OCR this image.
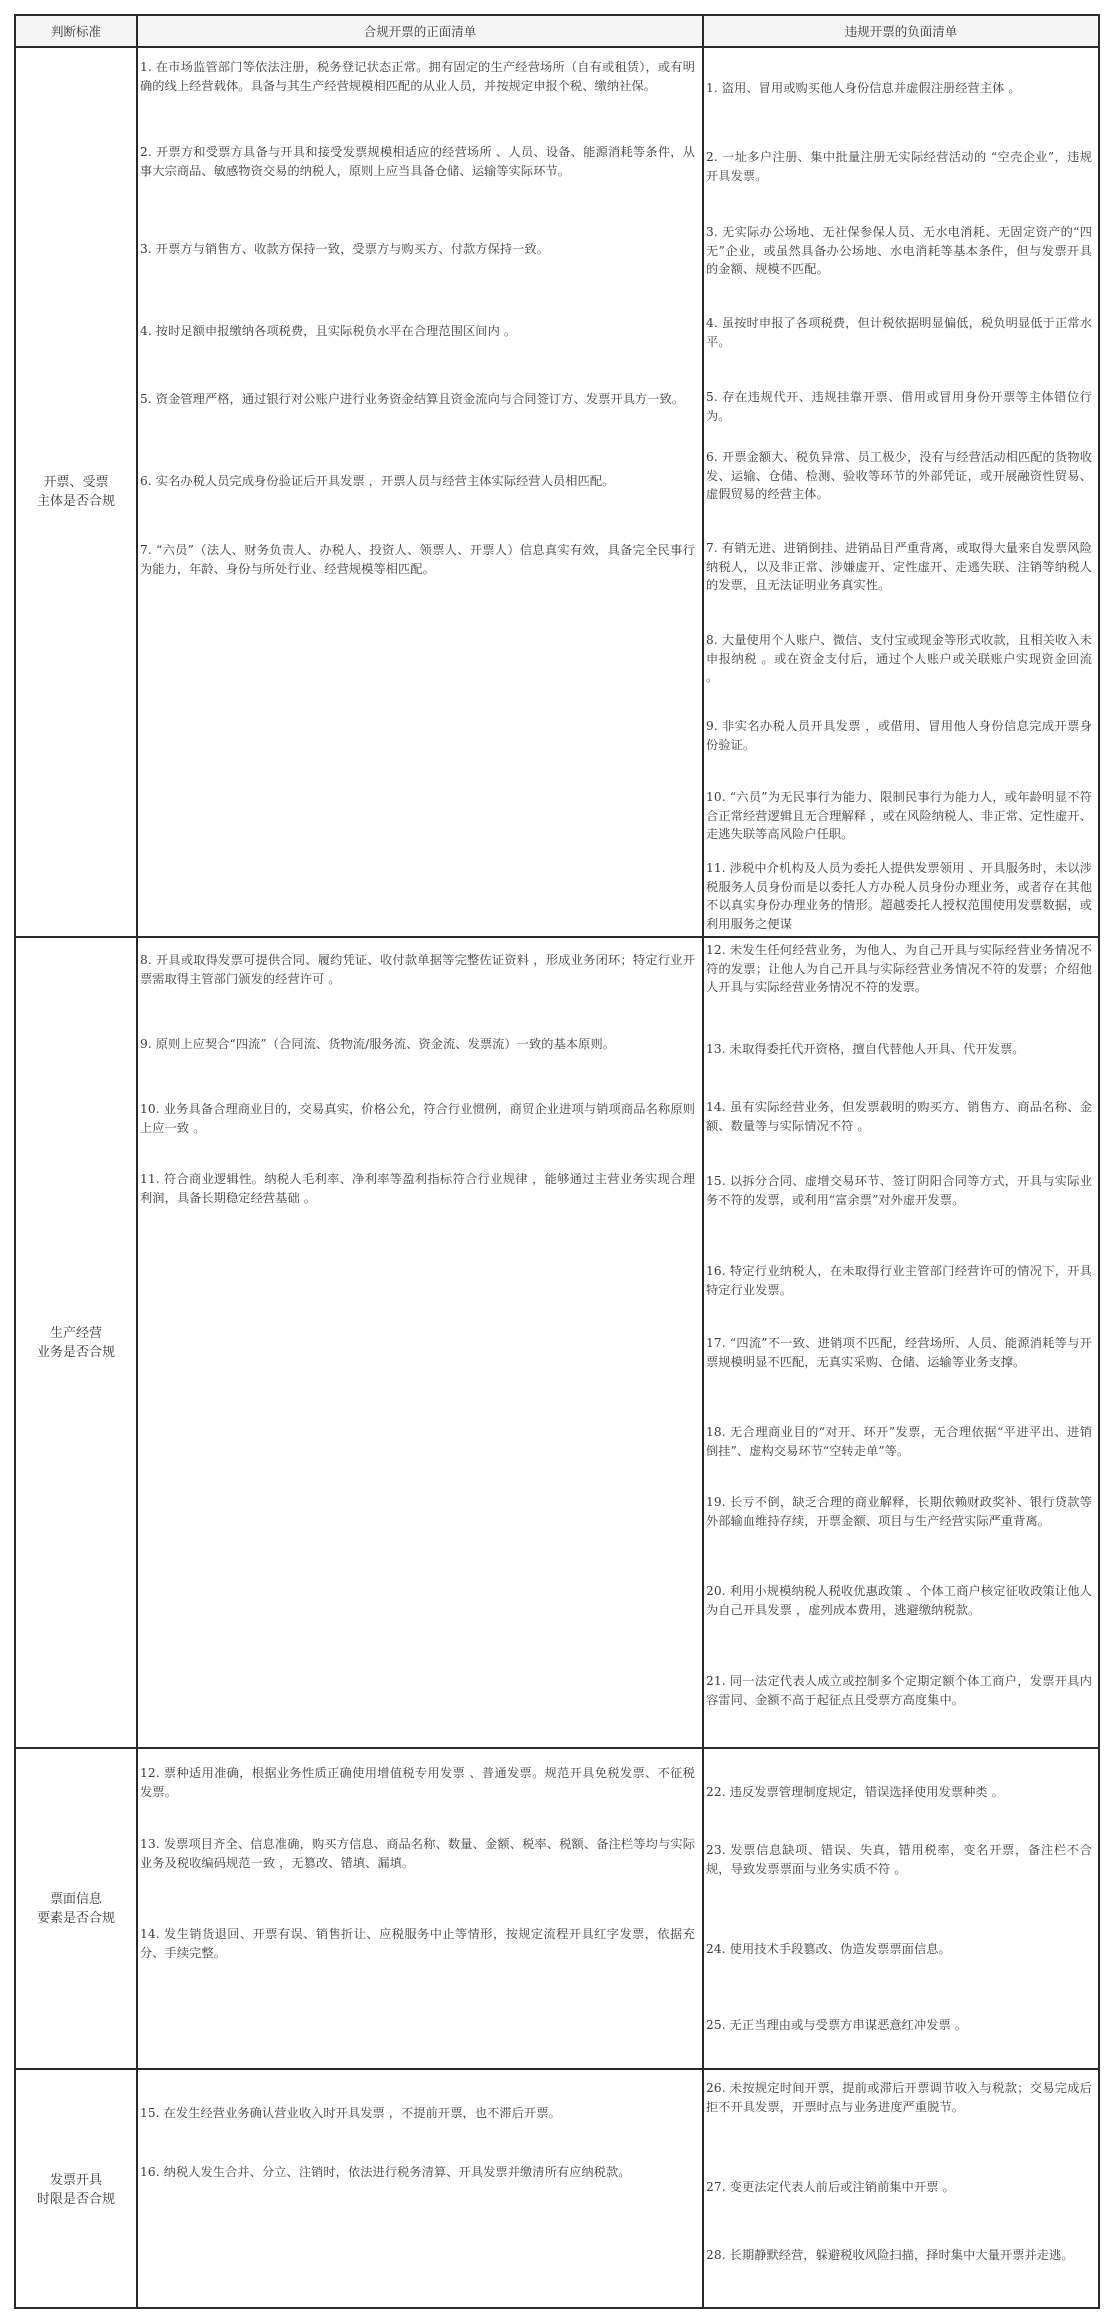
判断标准	合规开票的正面清单	违规开票的负面清单
开票、受票
主体是否合规
1. 在市场监管部门等依法注册，税务登记状态正常。拥有固定的生产经营场所（自有或租赁），或有明确的线上经营载体。具备与其生产经营规模相匹配的从业人员，并按规定申报个税、缴纳社保。
2. 开票方和受票方具备与开具和接受发票规模相适应的经营场所 、人员、设备、能源消耗等条件，从事大宗商品、敏感物资交易的纳税人，原则上应当具备仓储、运输等实际环节。
3. 开票方与销售方、收款方保持一致，受票方与购买方、付款方保持一致。
4. 按时足额申报缴纳各项税费，且实际税负水平在合理范围区间内 。
5. 资金管理严格，通过银行对公账户进行业务资金结算且资金流向与合同签订方、发票开具方一致。
6. 实名办税人员完成身份验证后开具发票 ，开票人员与经营主体实际经营人员相匹配。
7. “六员”（法人、财务负责人、办税人、投资人、领票人、开票人）信息真实有效，具备完全民事行为能力，年龄、身份与所处行业、经营规模等相匹配。
1. 盗用、冒用或购买他人身份信息并虚假注册经营主体 。
2. 一址多户注册、集中批量注册无实际经营活动的 “空壳企业”，违规开具发票。
3. 无实际办公场地、无社保参保人员、无水电消耗、无固定资产的“四无”企业，或虽然具备办公场地、水电消耗等基本条件，但与发票开具的金额、规模不匹配。
4. 虽按时申报了各项税费，但计税依据明显偏低，税负明显低于正常水平。
5. 存在违规代开、违规挂靠开票、借用或冒用身份开票等主体错位行为。
6. 开票金额大、税负异常、员工极少，没有与经营活动相匹配的货物收发、运输、仓储、检测、验收等环节的外部凭证，或开展融资性贸易、虚假贸易的经营主体。
7. 有销无进、进销倒挂、进销品目严重背离，或取得大量来自发票风险纳税人，以及非正常、涉嫌虚开、定性虚开、走逃失联、注销等纳税人的发票，且无法证明业务真实性。
8. 大量使用个人账户、微信、支付宝或现金等形式收款，且相关收入未申报纳税 。或在资金支付后，通过个人账户或关联账户实现资金回流 。
9. 非实名办税人员开具发票 ，或借用、冒用他人身份信息完成开票身份验证。
10. “六员”为无民事行为能力、限制民事行为能力人，或年龄明显不符合正常经营逻辑且无合理解释 ，或在风险纳税人、非正常、定性虚开、走逃失联等高风险户任职。
11. 涉税中介机构及人员为委托人提供发票领用 、开具服务时，未以涉税服务人员身份而是以委托人方办税人员身份办理业务，或者存在其他不以真实身份办理业务的情形。超越委托人授权范围使用发票数据，或利用服务之便谋
生产经营
业务是否合规
8. 开具或取得发票可提供合同、履约凭证、收付款单据等完整佐证资料 ，形成业务闭环；特定行业开票需取得主管部门颁发的经营许可 。
9. 原则上应契合“四流”（合同流、货物流/服务流、资金流、发票流）一致的基本原则。
10. 业务具备合理商业目的，交易真实，价格公允，符合行业惯例，商贸企业进项与销项商品名称原则上应一致 。
11. 符合商业逻辑性。纳税人毛利率、净利率等盈利指标符合行业规律 ，能够通过主营业务实现合理利润，具备长期稳定经营基础 。
12. 未发生任何经营业务，为他人、为自己开具与实际经营业务情况不符的发票；让他人为自己开具与实际经营业务情况不符的发票；介绍他人开具与实际经营业务情况不符的发票。
13. 未取得委托代开资格，擅自代替他人开具、代开发票。
14. 虽有实际经营业务，但发票载明的购买方、销售方、商品名称、金额、数量等与实际情况不符 。
15. 以拆分合同、虚增交易环节、签订阴阳合同等方式，开具与实际业务不符的发票，或利用“富余票”对外虚开发票。
16. 特定行业纳税人，在未取得行业主管部门经营许可的情况下，开具特定行业发票。
17. “四流”不一致、进销项不匹配，经营场所、人员、能源消耗等与开票规模明显不匹配，无真实采购、仓储、运输等业务支撑。
18. 无合理商业目的“对开、环开”发票，无合理依据“平进平出、进销倒挂”、虚构交易环节“空转走单”等。
19. 长亏不倒，缺乏合理的商业解释，长期依赖财政奖补、银行贷款等外部输血维持存续，开票金额、项目与生产经营实际严重背离。
20. 利用小规模纳税人税收优惠政策 、个体工商户核定征收政策让他人为自己开具发票 ，虚列成本费用，逃避缴纳税款。
21. 同一法定代表人成立或控制多个定期定额个体工商户，发票开具内容雷同、金额不高于起征点且受票方高度集中。
票面信息
要素是否合规
12. 票种适用准确，根据业务性质正确使用增值税专用发票 、普通发票。规范开具免税发票、不征税发票。
13. 发票项目齐全、信息准确，购买方信息、商品名称、数量、金额、税率、税额、备注栏等均与实际业务及税收编码规范一致 ，无篡改、错填、漏填。
14. 发生销货退回、开票有误、销售折让、应税服务中止等情形，按规定流程开具红字发票，依据充分、手续完整。
22. 违反发票管理制度规定，错误选择使用发票种类 。
23. 发票信息缺项、错误、失真，错用税率，变名开票，备注栏不合规，导致发票票面与业务实质不符 。
24. 使用技术手段篡改、伪造发票票面信息。
25. 无正当理由或与受票方串谋恶意红冲发票 。
发票开具
时限是否合规
15. 在发生经营业务确认营业收入时开具发票 ，不提前开票，也不滞后开票。
16. 纳税人发生合并、分立、注销时，依法进行税务清算、开具发票并缴清所有应纳税款。
26. 未按规定时间开票，提前或滞后开票调节收入与税款；交易完成后拒不开具发票，开票时点与业务进度严重脱节。
27. 变更法定代表人前后或注销前集中开票 。
28. 长期静默经营，躲避税收风险扫描，择时集中大量开票并走逃。
